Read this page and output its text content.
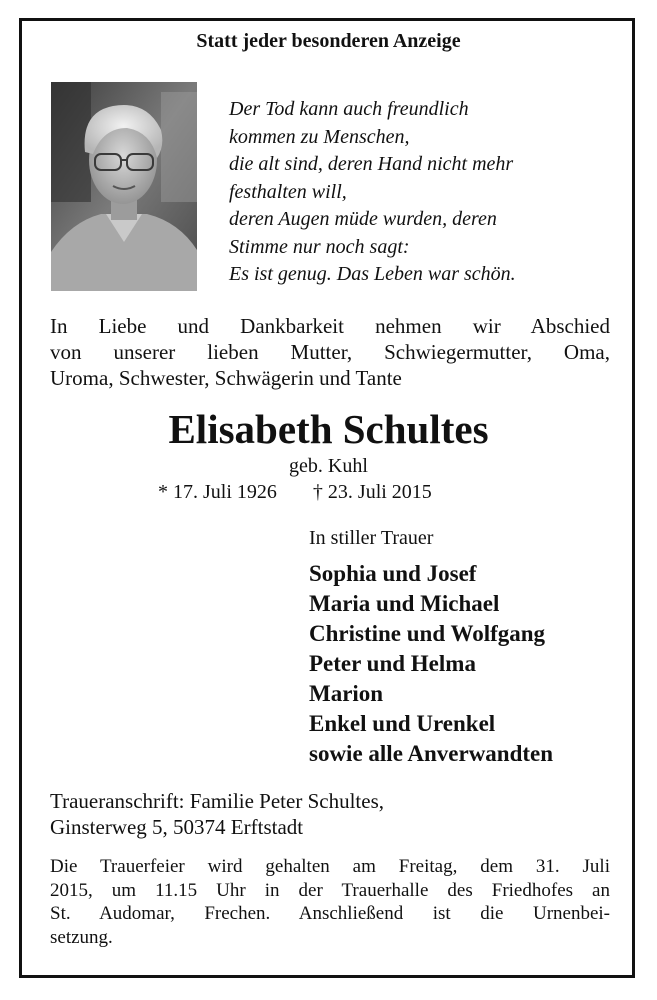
Statt jeder besonderen Anzeige
Der Tod kann auch freundlich
kommen zu Menschen,
die alt sind, deren Hand nicht mehr
festhalten will,
deren Augen müde wurden, deren
Stimme nur noch sagt:
Es ist genug. Das Leben war schön.
In Liebe und Dankbarkeit nehmen wir Abschied
von unserer lieben Mutter, Schwiegermutter, Oma,
Uroma, Schwester, Schwägerin und Tante
Elisabeth Schultes
geb. Kuhl
* 17. Juli 1926 † 23. Juli 2015
In stiller Trauer
Sophia und Josef
Maria und Michael
Christine und Wolfgang
Peter und Helma
Marion
Enkel und Urenkel
sowie alle Anverwandten
Traueranschrift: Familie Peter Schultes,
Ginsterweg 5, 50374 Erftstadt
Die Trauerfeier wird gehalten am Freitag, dem 31. Juli
2015, um 11.15 Uhr in der Trauerhalle des Friedhofes an
St. Audomar, Frechen. Anschließend ist die Urnenbei-
setzung.
